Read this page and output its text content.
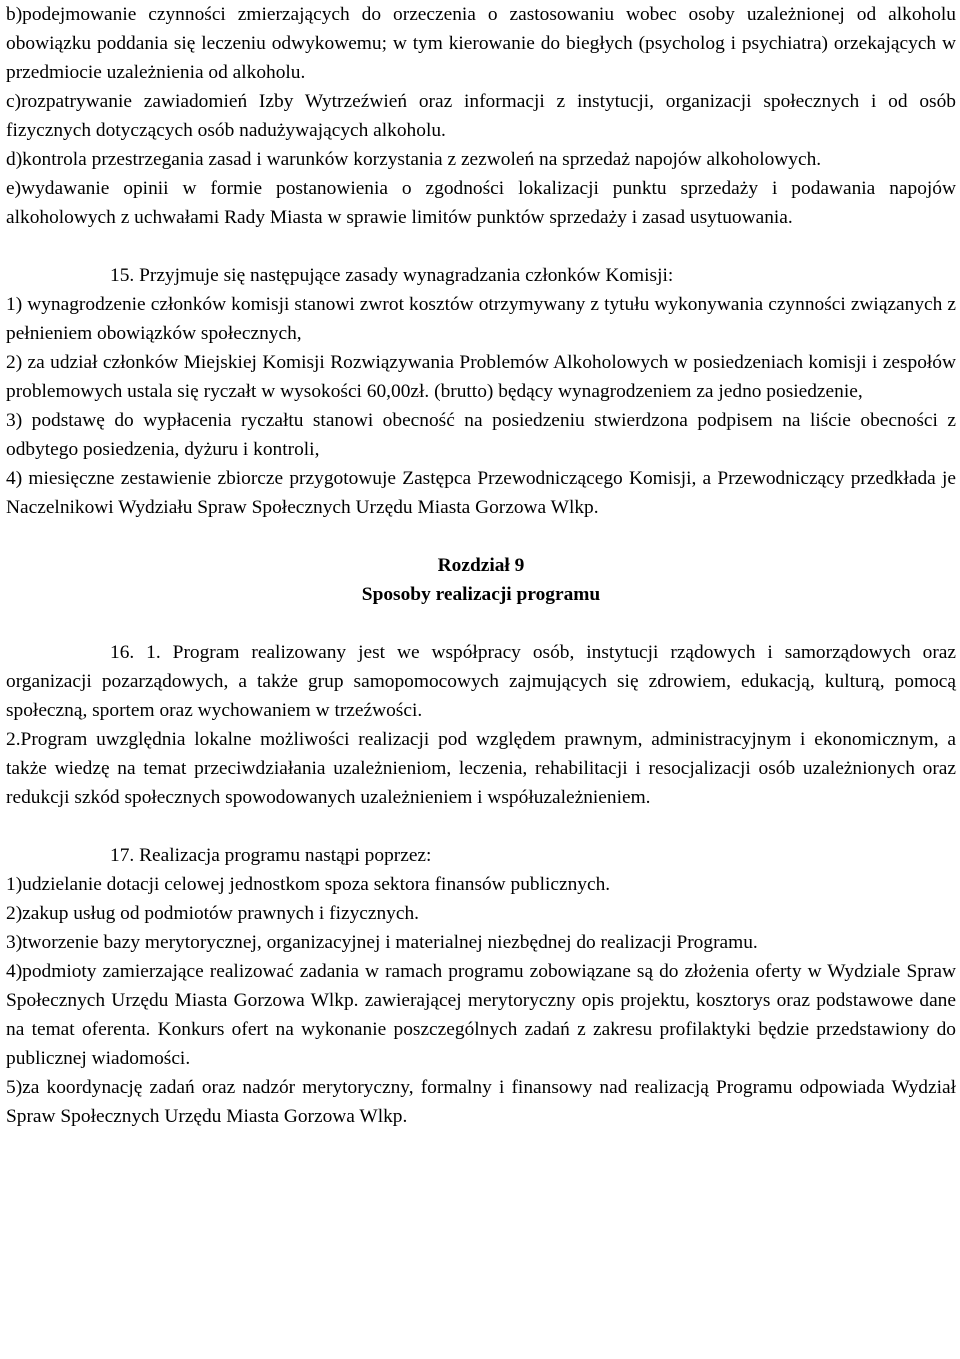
b)podejmowanie czynności zmierzających do orzeczenia o zastosowaniu wobec osoby uzależnionej od alkoholu obowiązku poddania się leczeniu odwykowemu; w tym kierowanie do biegłych (psycholog i psychiatra) orzekających w przedmiocie uzależnienia od alkoholu.

c)rozpatrywanie zawiadomień Izby Wytrzeźwień oraz informacji z instytucji, organizacji społecznych i od osób fizycznych dotyczących osób nadużywających alkoholu.

d)kontrola przestrzegania zasad i warunków korzystania z zezwoleń na sprzedaż napojów alkoholowych.

e)wydawanie opinii w formie postanowienia o zgodności lokalizacji punktu sprzedaży i podawania napojów alkoholowych z uchwałami Rady Miasta w sprawie limitów punktów sprzedaży i zasad usytuowania.

15. Przyjmuje się następujące zasady wynagradzania członków Komisji:

1) wynagrodzenie członków komisji stanowi zwrot kosztów otrzymywany z tytułu wykonywania czynności związanych z pełnieniem obowiązków społecznych,

2) za udział członków Miejskiej Komisji Rozwiązywania Problemów Alkoholowych w posiedzeniach komisji i zespołów problemowych ustala się ryczałt w wysokości 60,00zł. (brutto) będący wynagrodzeniem za jedno posiedzenie,

3) podstawę do wypłacenia ryczałtu stanowi obecność na posiedzeniu stwierdzona podpisem na liście obecności z odbytego posiedzenia, dyżuru i kontroli,

4) miesięczne zestawienie zbiorcze przygotowuje Zastępca Przewodniczącego Komisji, a Przewodniczący przedkłada je Naczelnikowi Wydziału Spraw Społecznych Urzędu Miasta Gorzowa Wlkp.

Rozdział 9

Sposoby realizacji programu

16. 1. Program realizowany jest we współpracy osób, instytucji rządowych i samorządowych oraz organizacji pozarządowych, a także grup samopomocowych zajmujących się zdrowiem, edukacją, kulturą, pomocą społeczną, sportem oraz wychowaniem w trzeźwości.

2.Program uwzględnia lokalne możliwości realizacji pod względem prawnym, administracyjnym i ekonomicznym, a także wiedzę na temat przeciwdziałania uzależnieniom, leczenia, rehabilitacji i resocjalizacji osób uzależnionych oraz redukcji szkód społecznych spowodowanych uzależnieniem i współuzależnieniem.

17. Realizacja programu nastąpi poprzez:

1)udzielanie dotacji celowej jednostkom spoza sektora finansów publicznych.

2)zakup usług od podmiotów prawnych i fizycznych.

3)tworzenie bazy merytorycznej, organizacyjnej i materialnej niezbędnej do realizacji Programu.

4)podmioty zamierzające realizować zadania w ramach programu zobowiązane są do złożenia oferty w Wydziale Spraw Społecznych Urzędu Miasta Gorzowa Wlkp. zawierającej merytoryczny opis projektu, kosztorys oraz podstawowe dane na temat oferenta. Konkurs ofert na wykonanie poszczególnych zadań z zakresu profilaktyki będzie przedstawiony do publicznej wiadomości.

5)za koordynację zadań oraz nadzór merytoryczny, formalny i finansowy nad realizacją Programu odpowiada Wydział Spraw Społecznych Urzędu Miasta Gorzowa Wlkp.
